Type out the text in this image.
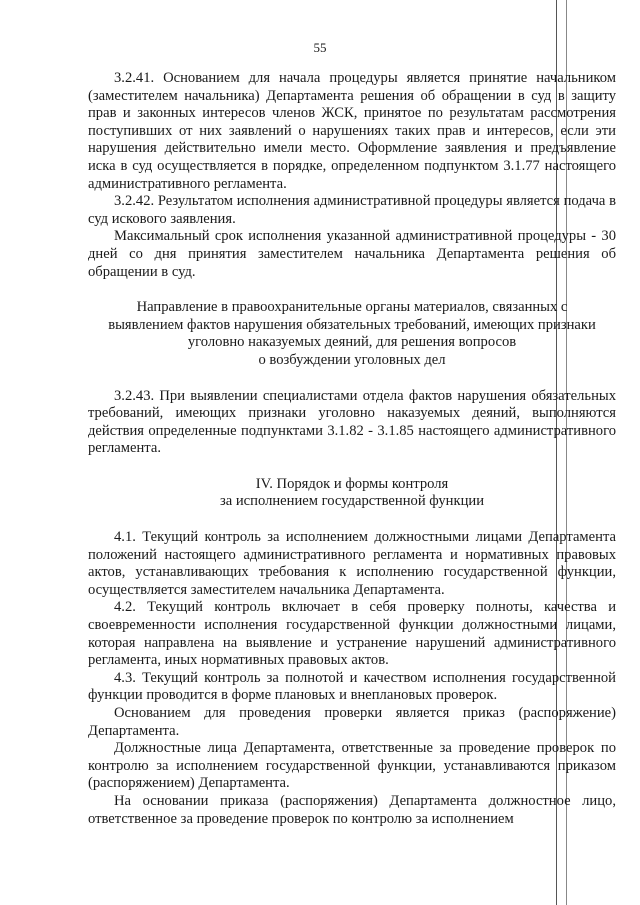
55

3.2.41. Основанием для начала процедуры является принятие начальником (заместителем начальника) Департамента решения об обращении в суд в защиту прав и законных интересов членов ЖСК, принятое по результатам рассмотрения поступивших от них заявлений о нарушениях таких прав и интересов, если эти нарушения действительно имели место. Оформление заявления и предъявление иска в суд осуществляется в порядке, определенном подпунктом 3.1.77 настоящего административного регламента.

3.2.42. Результатом исполнения административной процедуры является подача в суд искового заявления.

Максимальный срок исполнения указанной административной процедуры - 30 дней со дня принятия заместителем начальника Департамента решения об обращении в суд.

Направление в правоохранительные органы материалов, связанных с

выявлением фактов нарушения обязательных требований, имеющих признаки

уголовно наказуемых деяний, для решения вопросов

о возбуждении уголовных дел

3.2.43. При выявлении специалистами отдела фактов нарушения обязательных требований, имеющих признаки уголовно наказуемых деяний, выполняются действия определенные подпунктами 3.1.82 - 3.1.85 настоящего административного регламента.

IV. Порядок и формы контроля

за исполнением государственной функции

4.1. Текущий контроль за исполнением должностными лицами Департамента положений настоящего административного регламента и нормативных правовых актов, устанавливающих требования к исполнению государственной функции, осуществляется заместителем начальника Департамента.

4.2. Текущий контроль включает в себя проверку полноты, качества и своевременности исполнения государственной функции должностными лицами, которая направлена на выявление и устранение нарушений административного регламента, иных нормативных правовых актов.

4.3. Текущий контроль за полнотой и качеством исполнения государственной функции проводится в форме плановых и внеплановых проверок.

Основанием для проведения проверки является приказ (распоряжение) Департамента.

Должностные лица Департамента, ответственные за проведение проверок по контролю за исполнением государственной функции, устанавливаются приказом (распоряжением) Департамента.

На основании приказа (распоряжения) Департамента должностное лицо, ответственное за проведение проверок по контролю за исполнением
